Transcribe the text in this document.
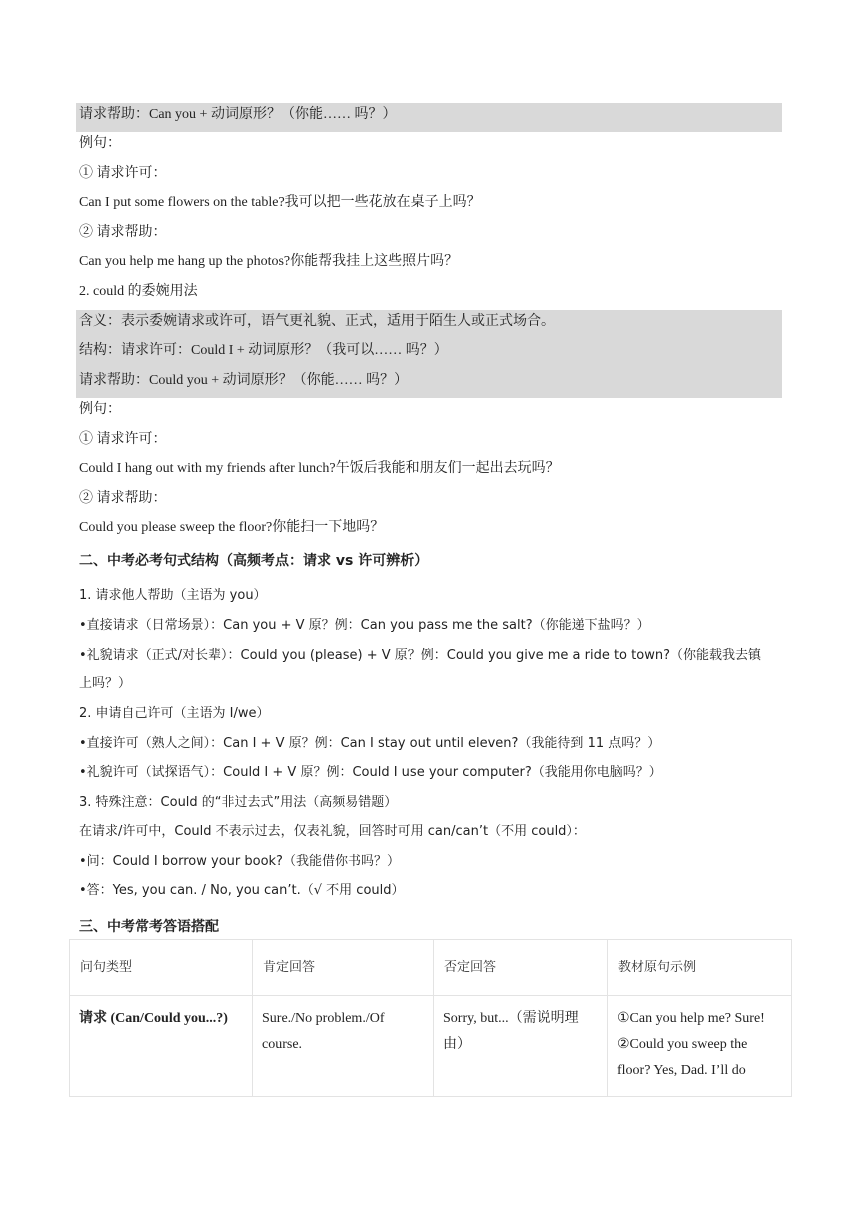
请求帮助：Can you + 动词原形？（你能…… 吗？）
例句：
① 请求许可：
Can I put some flowers on the table?我可以把一些花放在桌子上吗？
② 请求帮助：
Can you help me hang up the photos?你能帮我挂上这些照片吗？
2. could 的委婉用法
含义：表示委婉请求或许可，语气更礼貌、正式，适用于陌生人或正式场合。
结构：请求许可：Could I + 动词原形？（我可以…… 吗？）
请求帮助：Could you + 动词原形？（你能…… 吗？）
例句：
① 请求许可：
Could I hang out with my friends after lunch?午饭后我能和朋友们一起出去玩吗？
② 请求帮助：
Could you please sweep the floor?你能扫一下地吗？
二、中考必考句式结构（高频考点：请求 vs 许可辨析）
1. 请求他人帮助（主语为 you）
•直接请求（日常场景）：Can you + V 原？例：Can you pass me the salt?（你能递下盐吗？）
•礼貌请求（正式/对长辈）：Could you (please) + V 原？例：Could you give me a ride to town?（你能载我去镇
上吗？）
2. 申请自己许可（主语为 I/we）
•直接许可（熟人之间）：Can I + V 原？例：Can I stay out until eleven?（我能待到 11 点吗？）
•礼貌许可（试探语气）：Could I + V 原？例：Could I use your computer?（我能用你电脑吗？）
3. 特殊注意：Could 的“非过去式”用法（高频易错题）
在请求/许可中，Could 不表示过去，仅表礼貌，回答时可用 can/can’t（不用 could）：
•问：Could I borrow your book?（我能借你书吗？）
•答：Yes, you can. / No, you can’t.（√ 不用 could）
三、中考常考答语搭配
问句类型	肯定回答	否定回答	教材原句示例

请求 (Can/Could you...?)	Sure./No problem./Of course.	Sorry, but...（需说明理由）	①Can you help me? Sure!②Could you sweep the floor? Yes, Dad. I’ll do
